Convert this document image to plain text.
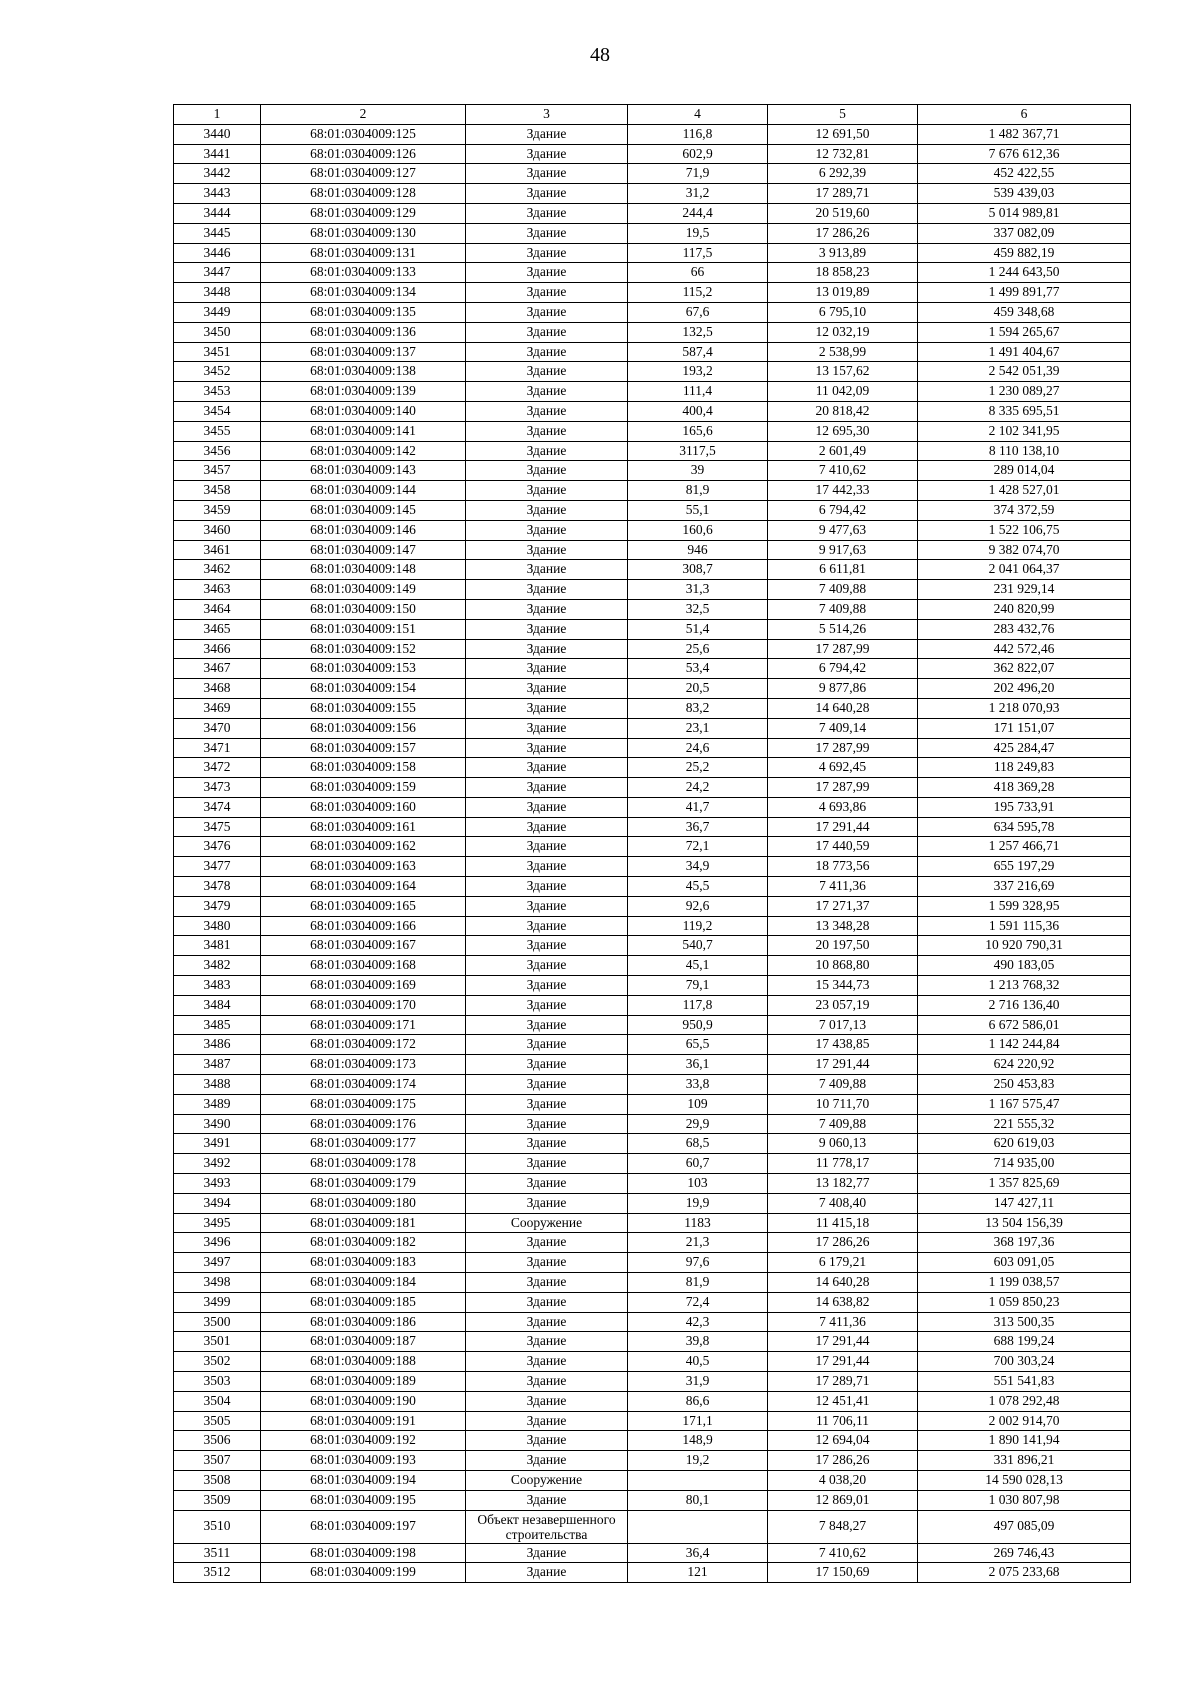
48
1	2	3	4	5	6
3440	68:01:0304009:125	Здание	116,8	12 691,50	1 482 367,71
3441	68:01:0304009:126	Здание	602,9	12 732,81	7 676 612,36
3442	68:01:0304009:127	Здание	71,9	6 292,39	452 422,55
3443	68:01:0304009:128	Здание	31,2	17 289,71	539 439,03
3444	68:01:0304009:129	Здание	244,4	20 519,60	5 014 989,81
3445	68:01:0304009:130	Здание	19,5	17 286,26	337 082,09
3446	68:01:0304009:131	Здание	117,5	3 913,89	459 882,19
3447	68:01:0304009:133	Здание	66	18 858,23	1 244 643,50
3448	68:01:0304009:134	Здание	115,2	13 019,89	1 499 891,77
3449	68:01:0304009:135	Здание	67,6	6 795,10	459 348,68
3450	68:01:0304009:136	Здание	132,5	12 032,19	1 594 265,67
3451	68:01:0304009:137	Здание	587,4	2 538,99	1 491 404,67
3452	68:01:0304009:138	Здание	193,2	13 157,62	2 542 051,39
3453	68:01:0304009:139	Здание	111,4	11 042,09	1 230 089,27
3454	68:01:0304009:140	Здание	400,4	20 818,42	8 335 695,51
3455	68:01:0304009:141	Здание	165,6	12 695,30	2 102 341,95
3456	68:01:0304009:142	Здание	3117,5	2 601,49	8 110 138,10
3457	68:01:0304009:143	Здание	39	7 410,62	289 014,04
3458	68:01:0304009:144	Здание	81,9	17 442,33	1 428 527,01
3459	68:01:0304009:145	Здание	55,1	6 794,42	374 372,59
3460	68:01:0304009:146	Здание	160,6	9 477,63	1 522 106,75
3461	68:01:0304009:147	Здание	946	9 917,63	9 382 074,70
3462	68:01:0304009:148	Здание	308,7	6 611,81	2 041 064,37
3463	68:01:0304009:149	Здание	31,3	7 409,88	231 929,14
3464	68:01:0304009:150	Здание	32,5	7 409,88	240 820,99
3465	68:01:0304009:151	Здание	51,4	5 514,26	283 432,76
3466	68:01:0304009:152	Здание	25,6	17 287,99	442 572,46
3467	68:01:0304009:153	Здание	53,4	6 794,42	362 822,07
3468	68:01:0304009:154	Здание	20,5	9 877,86	202 496,20
3469	68:01:0304009:155	Здание	83,2	14 640,28	1 218 070,93
3470	68:01:0304009:156	Здание	23,1	7 409,14	171 151,07
3471	68:01:0304009:157	Здание	24,6	17 287,99	425 284,47
3472	68:01:0304009:158	Здание	25,2	4 692,45	118 249,83
3473	68:01:0304009:159	Здание	24,2	17 287,99	418 369,28
3474	68:01:0304009:160	Здание	41,7	4 693,86	195 733,91
3475	68:01:0304009:161	Здание	36,7	17 291,44	634 595,78
3476	68:01:0304009:162	Здание	72,1	17 440,59	1 257 466,71
3477	68:01:0304009:163	Здание	34,9	18 773,56	655 197,29
3478	68:01:0304009:164	Здание	45,5	7 411,36	337 216,69
3479	68:01:0304009:165	Здание	92,6	17 271,37	1 599 328,95
3480	68:01:0304009:166	Здание	119,2	13 348,28	1 591 115,36
3481	68:01:0304009:167	Здание	540,7	20 197,50	10 920 790,31
3482	68:01:0304009:168	Здание	45,1	10 868,80	490 183,05
3483	68:01:0304009:169	Здание	79,1	15 344,73	1 213 768,32
3484	68:01:0304009:170	Здание	117,8	23 057,19	2 716 136,40
3485	68:01:0304009:171	Здание	950,9	7 017,13	6 672 586,01
3486	68:01:0304009:172	Здание	65,5	17 438,85	1 142 244,84
3487	68:01:0304009:173	Здание	36,1	17 291,44	624 220,92
3488	68:01:0304009:174	Здание	33,8	7 409,88	250 453,83
3489	68:01:0304009:175	Здание	109	10 711,70	1 167 575,47
3490	68:01:0304009:176	Здание	29,9	7 409,88	221 555,32
3491	68:01:0304009:177	Здание	68,5	9 060,13	620 619,03
3492	68:01:0304009:178	Здание	60,7	11 778,17	714 935,00
3493	68:01:0304009:179	Здание	103	13 182,77	1 357 825,69
3494	68:01:0304009:180	Здание	19,9	7 408,40	147 427,11
3495	68:01:0304009:181	Сооружение	1183	11 415,18	13 504 156,39
3496	68:01:0304009:182	Здание	21,3	17 286,26	368 197,36
3497	68:01:0304009:183	Здание	97,6	6 179,21	603 091,05
3498	68:01:0304009:184	Здание	81,9	14 640,28	1 199 038,57
3499	68:01:0304009:185	Здание	72,4	14 638,82	1 059 850,23
3500	68:01:0304009:186	Здание	42,3	7 411,36	313 500,35
3501	68:01:0304009:187	Здание	39,8	17 291,44	688 199,24
3502	68:01:0304009:188	Здание	40,5	17 291,44	700 303,24
3503	68:01:0304009:189	Здание	31,9	17 289,71	551 541,83
3504	68:01:0304009:190	Здание	86,6	12 451,41	1 078 292,48
3505	68:01:0304009:191	Здание	171,1	11 706,11	2 002 914,70
3506	68:01:0304009:192	Здание	148,9	12 694,04	1 890 141,94
3507	68:01:0304009:193	Здание	19,2	17 286,26	331 896,21
3508	68:01:0304009:194	Сооружение		4 038,20	14 590 028,13
3509	68:01:0304009:195	Здание	80,1	12 869,01	1 030 807,98
3510	68:01:0304009:197	Объект незавершенного строительства		7 848,27	497 085,09
3511	68:01:0304009:198	Здание	36,4	7 410,62	269 746,43
3512	68:01:0304009:199	Здание	121	17 150,69	2 075 233,68
